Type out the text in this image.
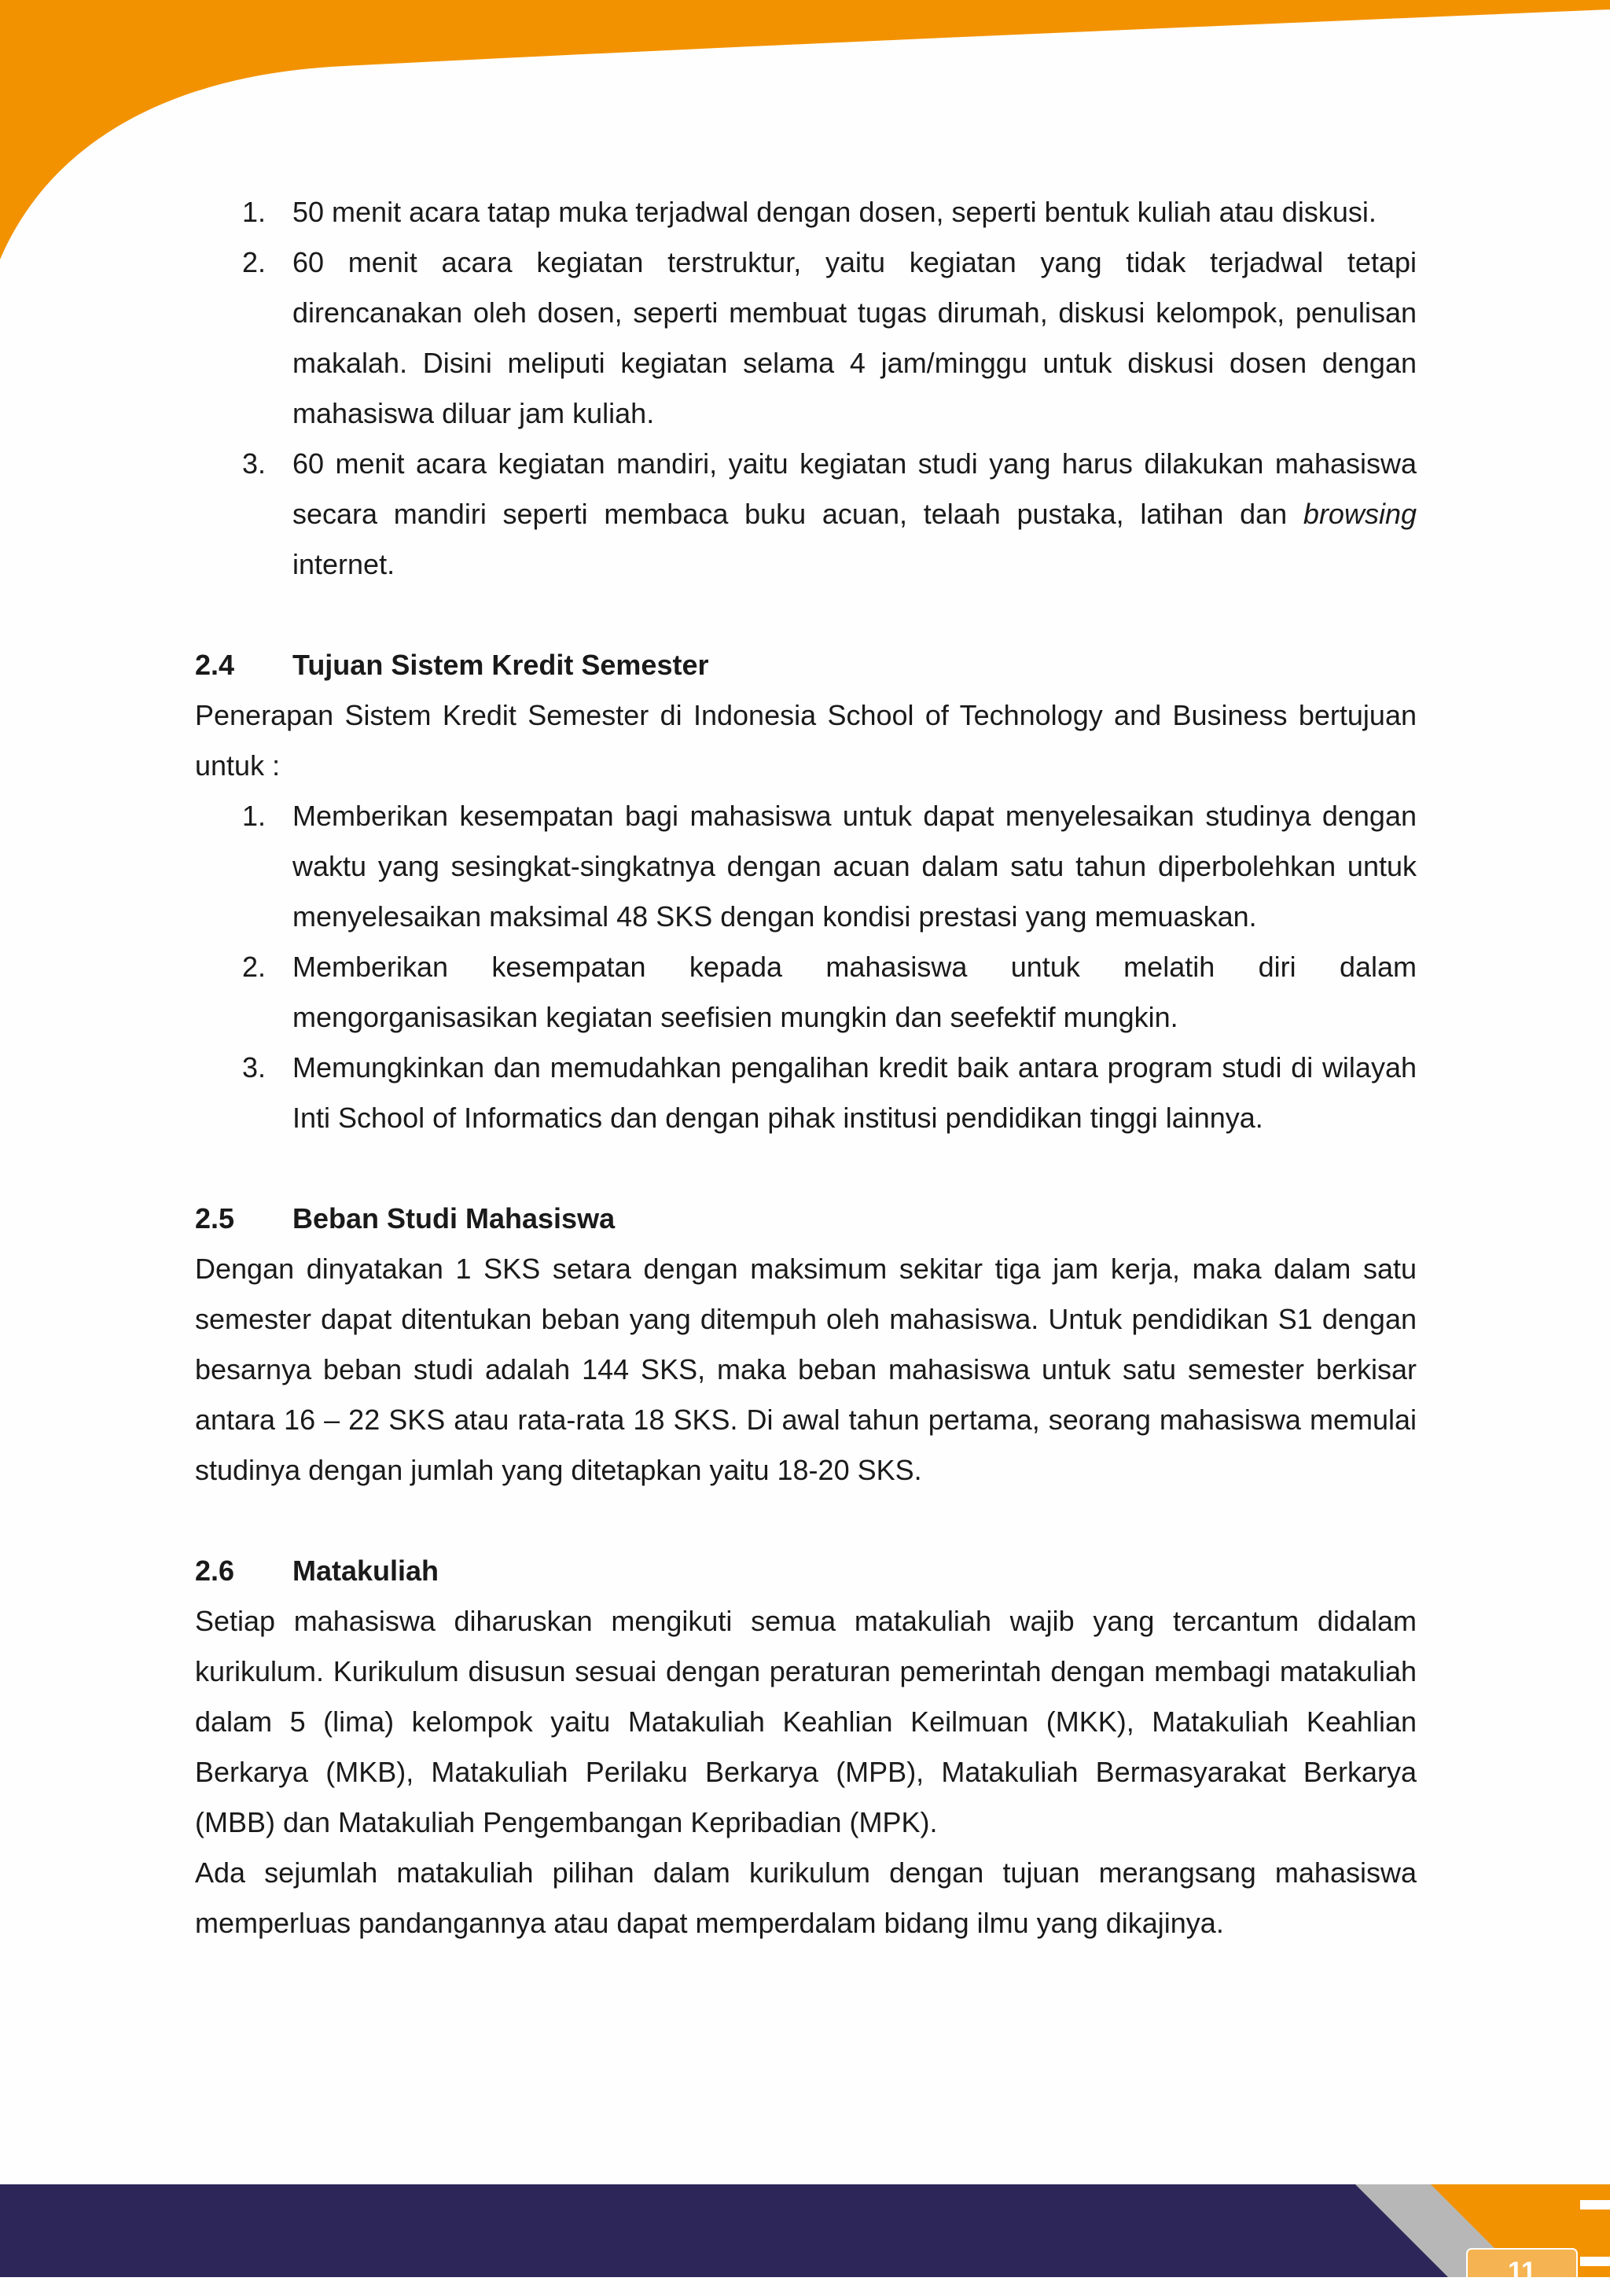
11
1. 50 menit acara tatap muka terjadwal dengan dosen, seperti bentuk kuliah atau diskusi.
2. 60 menit acara kegiatan terstruktur, yaitu kegiatan yang tidak terjadwal tetapi direncanakan oleh dosen, seperti membuat tugas dirumah, diskusi kelompok, penulisan makalah. Disini meliputi kegiatan selama 4 jam/minggu untuk diskusi dosen dengan mahasiswa diluar jam kuliah.
3. 60 menit acara kegiatan mandiri, yaitu kegiatan studi yang harus dilakukan mahasiswa secara mandiri seperti membaca buku acuan, telaah pustaka, latihan dan browsing internet.
2.4 Tujuan Sistem Kredit Semester
Penerapan Sistem Kredit Semester di Indonesia School of Technology and Business bertujuan untuk :
1. Memberikan kesempatan bagi mahasiswa untuk dapat menyelesaikan studinya dengan waktu yang sesingkat-singkatnya dengan acuan dalam satu tahun diperbolehkan untuk menyelesaikan maksimal 48 SKS dengan kondisi prestasi yang memuaskan.
2. Memberikan kesempatan kepada mahasiswa untuk melatih diri dalam mengorganisasikan kegiatan seefisien mungkin dan seefektif mungkin.
3. Memungkinkan dan memudahkan pengalihan kredit baik antara program studi di wilayah Inti School of Informatics dan dengan pihak institusi pendidikan tinggi lainnya.
2.5 Beban Studi Mahasiswa
Dengan dinyatakan 1 SKS setara dengan maksimum sekitar tiga jam kerja, maka dalam satu semester dapat ditentukan beban yang ditempuh oleh mahasiswa. Untuk pendidikan S1 dengan besarnya beban studi adalah 144 SKS, maka beban mahasiswa untuk satu semester berkisar antara 16 – 22 SKS atau rata-rata 18 SKS. Di awal tahun pertama, seorang mahasiswa memulai studinya dengan jumlah yang ditetapkan yaitu 18-20 SKS.
2.6 Matakuliah
Setiap mahasiswa diharuskan mengikuti semua matakuliah wajib yang tercantum didalam kurikulum. Kurikulum disusun sesuai dengan peraturan pemerintah dengan membagi matakuliah dalam 5 (lima) kelompok yaitu Matakuliah Keahlian Keilmuan (MKK), Matakuliah Keahlian Berkarya (MKB), Matakuliah Perilaku Berkarya (MPB), Matakuliah Bermasyarakat Berkarya (MBB) dan Matakuliah Pengembangan Kepribadian (MPK).
Ada sejumlah matakuliah pilihan dalam kurikulum dengan tujuan merangsang mahasiswa memperluas pandangannya atau dapat memperdalam bidang ilmu yang dikajinya.
